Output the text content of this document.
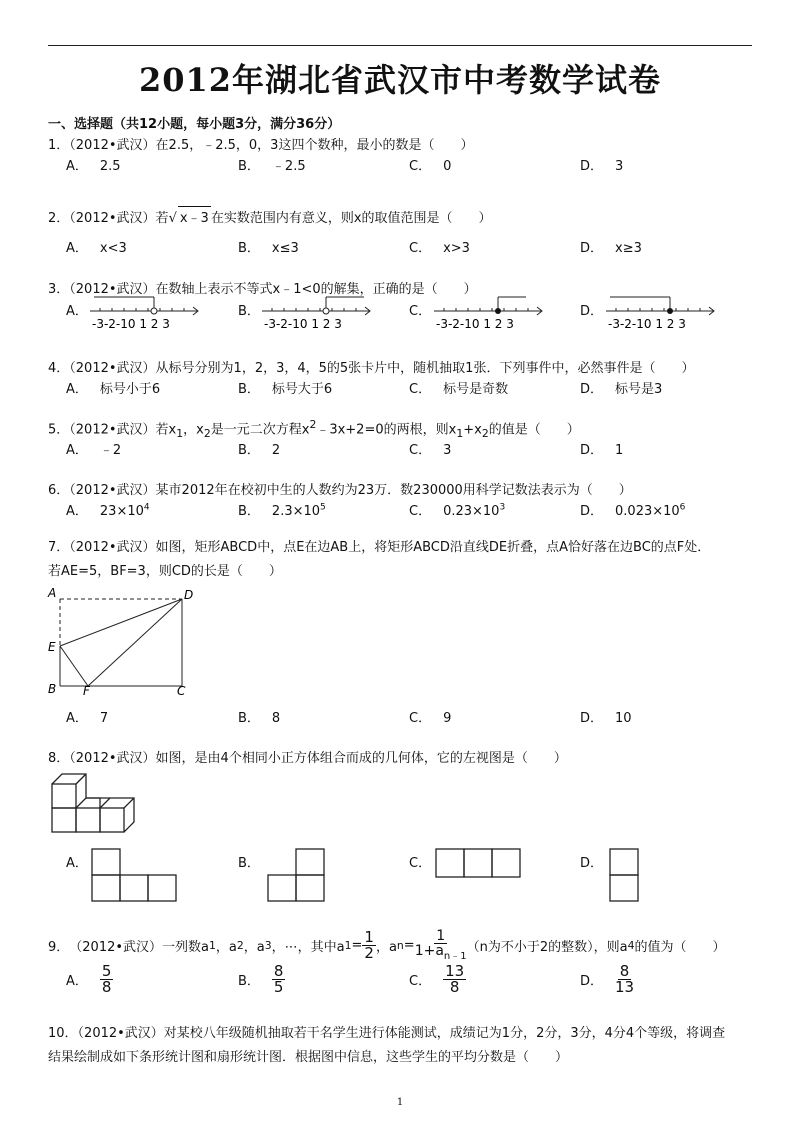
2012年湖北省武汉市中考数学试卷
一、选择题（共12小题，每小题3分，满分36分）
1．（2012•武汉）在2.5，﹣2.5，0，3这四个数种，最小的数是（　　）
A． 2.5	B． ﹣2.5	C． 0	D． 3
2．（2012•武汉）若√ x﹣3 在实数范围内有意义，则x的取值范围是（　　）
A． x<3	B． x≤3	C． x>3	D． x≥3
3．（2012•武汉）在数轴上表示不等式x﹣1<0的解集，正确的是（　　）
A．	B．	C．	D．
-3-2-10 1 2 3	-3-2-10 1 2 3	-3-2-10 1 2 3	-3-2-10 1 2 3
4．（2012•武汉）从标号分别为1，2，3，4，5的5张卡片中，随机抽取1张．下列事件中，必然事件是（　　）
A． 标号小于6	B． 标号大于6	C． 标号是奇数	D． 标号是3
5．（2012•武汉）若$x_1$，$x_2$是一元二次方程$x^2﹣3x+2=0$的两根，则$x_1+x_2$的值是（　　）
A． ﹣2	B． 2	C． 3	D． 1
6．（2012•武汉）某市2012年在校初中生的人数约为23万．数230000用科学记数法表示为（　　）
A． $23\times 10^4$	B． $2.3\times 10^5$	C． $0.23\times 10^3$	D． $0.023\times 10^6$
7．（2012•武汉）如图，矩形ABCD中，点E在边AB上，将矩形ABCD沿直线DE折叠，点A恰好落在边BC的点F处．
若AE=5，BF=3，则CD的长是（　　）
A	D
E
B F	C
A． 7	B． 8	C． 9	D． 10
8．（2012•武汉）如图，是由4个相同小正方体组合而成的几何体，它的左视图是（　　）
A．	B．	C．	D．
9． （2012•武汉） 一列数a 1 ，a 2 ，a 3 ，⋯，其中a $1 = \frac{1}{2}$ ，a $n = \frac{1}{1+a_{n﹣1}} (n$为不小于2的整数），则a 4 的值为（　　）
A． $\frac{5}{8}$	B． $\frac{8}{5}$	C． $\frac{13}{8}$	D． $\frac{8}{13}$
10．（2012•武汉）对某校八年级随机抽取若干名学生进行体能测试，成绩记为1分，2分，3分，4分4个等级，将调查
结果绘制成如下条形统计图和扇形统计图．根据图中信息，这些学生的平均分数是（　　）
1
